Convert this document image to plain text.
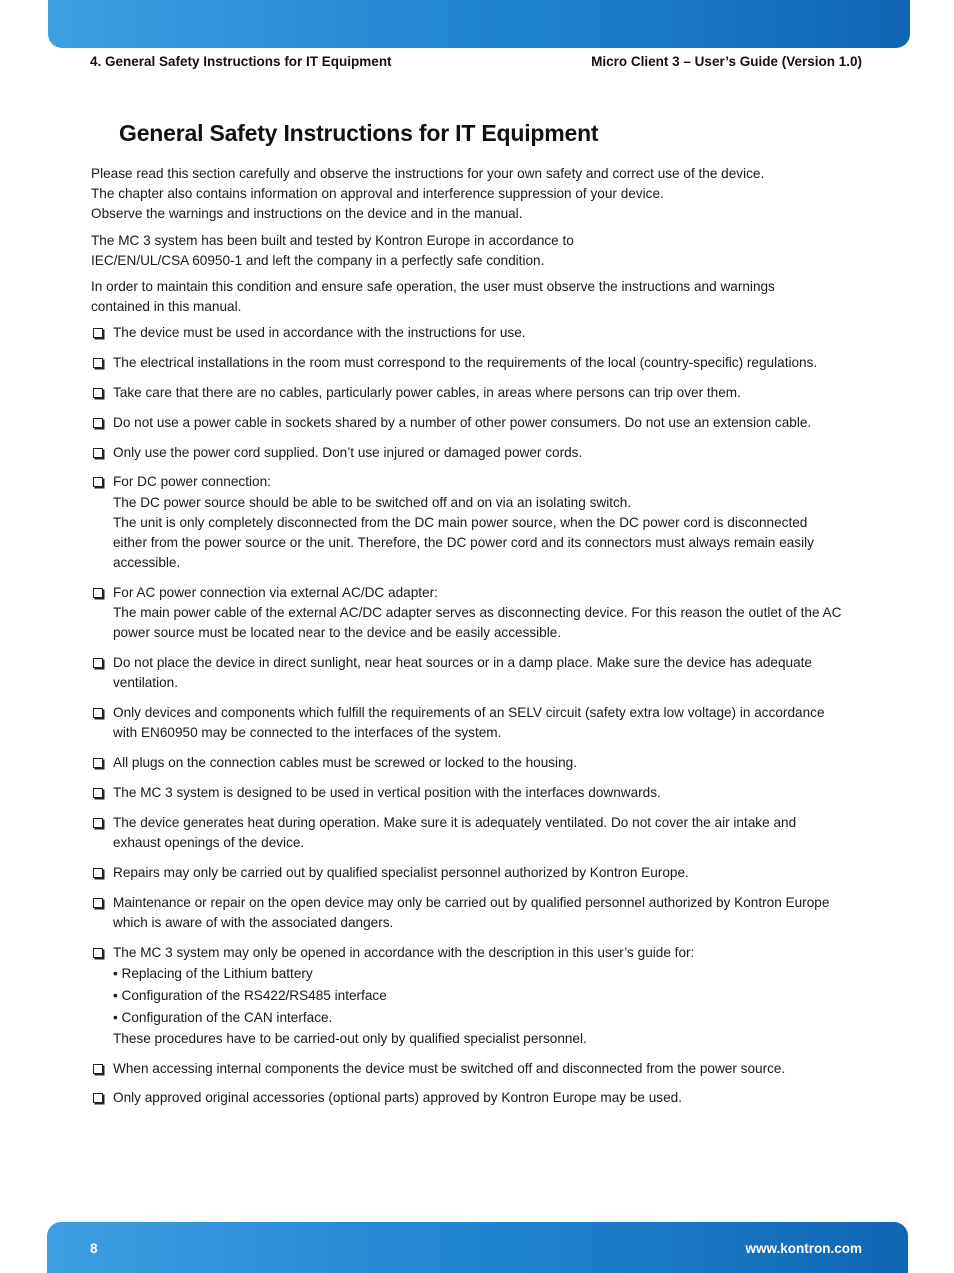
4. General Safety Instructions for IT Equipment	Micro Client 3 – User’s Guide (Version 1.0)
General Safety Instructions for IT Equipment
Please read this section carefully and observe the instructions for your own safety and correct use of the device.
The chapter also contains information on approval and interference suppression of your device.
Observe the warnings and instructions on the device and in the manual.
The MC 3 system has been built and tested by Kontron Europe in accordance to
IEC/EN/UL/CSA 60950-1 and left the company in a perfectly safe condition.
In order to maintain this condition and ensure safe operation, the user must observe the instructions and warnings
contained in this manual.
The device must be used in accordance with the instructions for use.
The electrical installations in the room must correspond to the requirements of the local (country-specific) regulations.
Take care that there are no cables, particularly power cables, in areas where persons can trip over them.
Do not use a power cable in sockets shared by a number of other power consumers. Do not use an extension cable.
Only use the power cord supplied. Don’t use injured or damaged power cords.
For DC power connection:
The DC power source should be able to be switched off and on via an isolating switch.
The unit is only completely disconnected from the DC main power source, when the DC power cord is disconnected
either from the power source or the unit. Therefore, the DC power cord and its connectors must always remain easily
accessible.
For AC power connection via external AC/DC adapter:
The main power cable of the external AC/DC adapter serves as disconnecting device. For this reason the outlet of the AC
power source must be located near to the device and be easily accessible.
Do not place the device in direct sunlight, near heat sources or in a damp place. Make sure the device has adequate
ventilation.
Only devices and components which fulfill the requirements of an SELV circuit (safety extra low voltage) in accordance
with EN60950 may be connected to the interfaces of the system.
All plugs on the connection cables must be screwed or locked to the housing.
The MC 3 system is designed to be used in vertical position with the interfaces downwards.
The device generates heat during operation. Make sure it is adequately ventilated. Do not cover the air intake and
exhaust openings of the device.
Repairs may only be carried out by qualified specialist personnel authorized by Kontron Europe.
Maintenance or repair on the open device may only be carried out by qualified personnel authorized by Kontron Europe
which is aware of with the associated dangers.
The MC 3 system may only be opened in accordance with the description in this user’s guide for:
• Replacing of the Lithium battery
• Configuration of the RS422/RS485 interface
• Configuration of the CAN interface.
These procedures have to be carried-out only by qualified specialist personnel.
When accessing internal components the device must be switched off and disconnected from the power source.
Only approved original accessories (optional parts) approved by Kontron Europe may be used.
8	www.kontron.com
